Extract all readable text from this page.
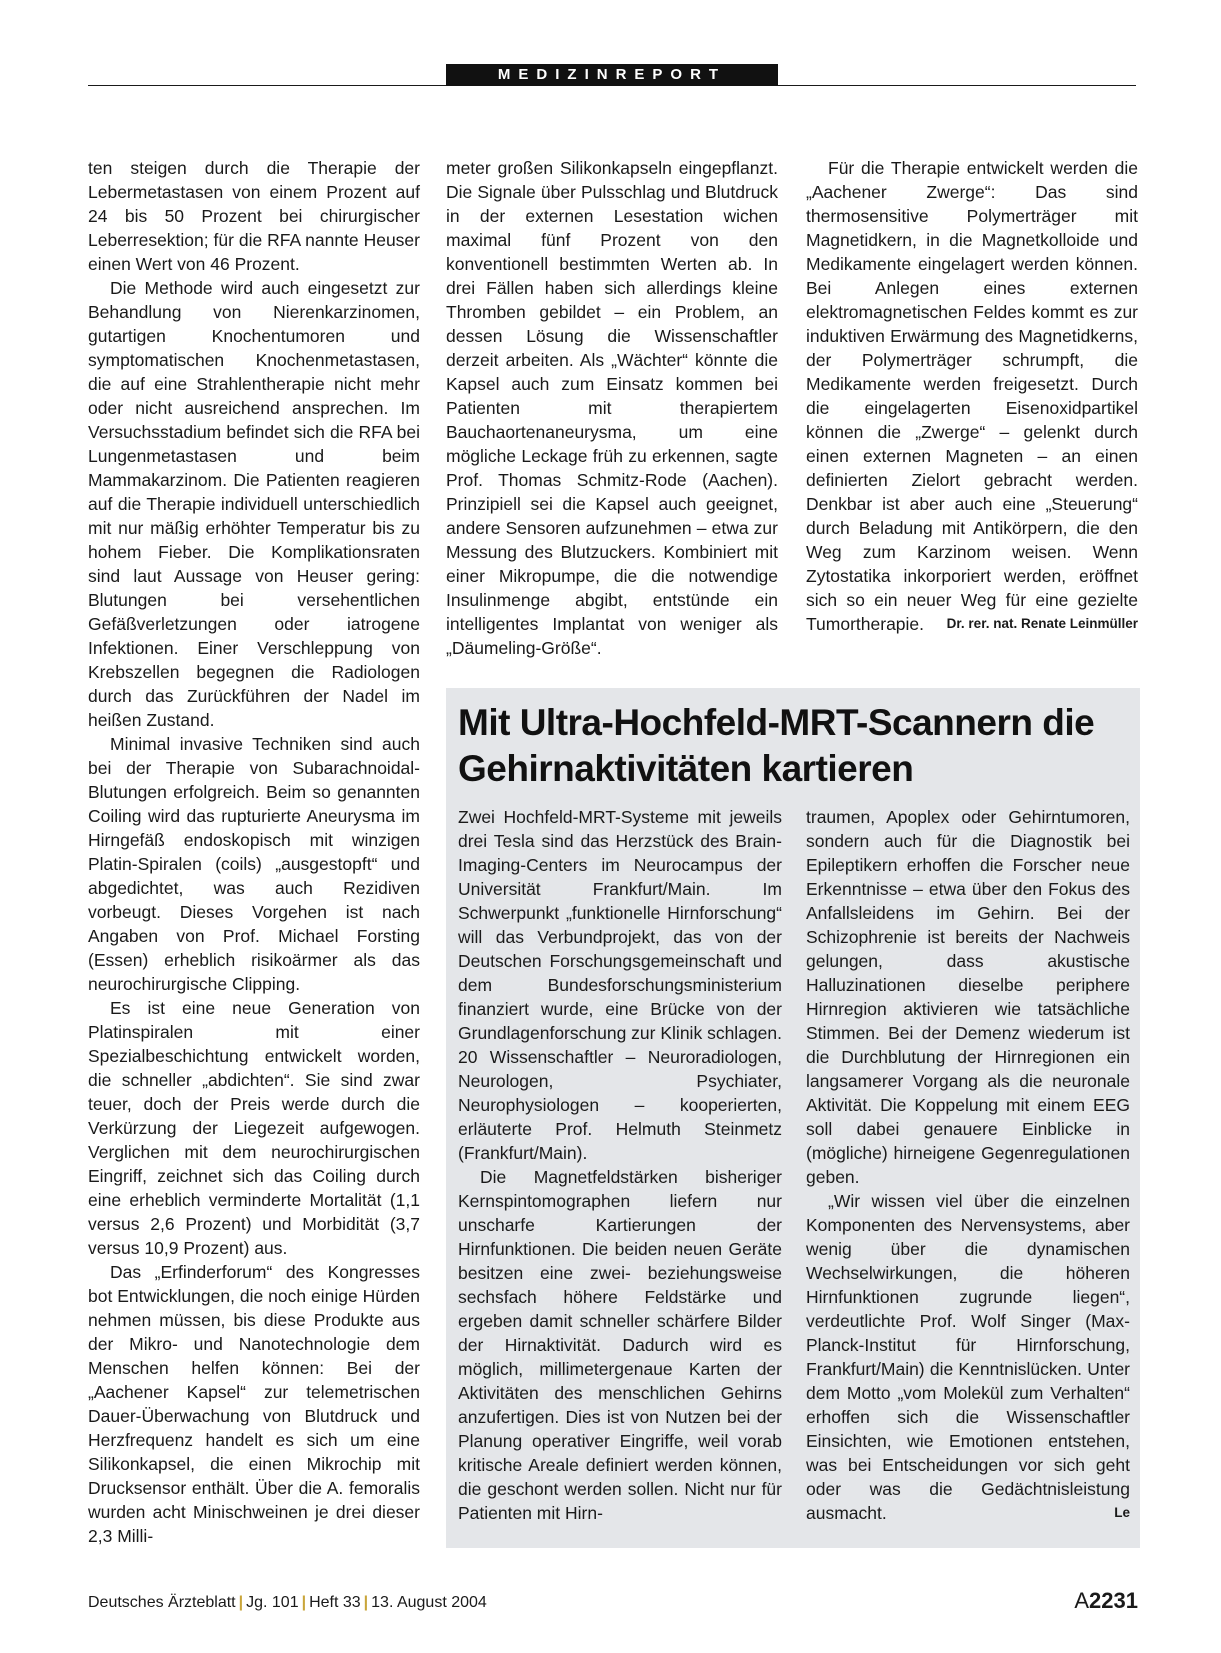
MEDIZINREPORT

ten steigen durch die Therapie der Lebermetastasen von einem Prozent auf 24 bis 50 Prozent bei chirurgischer Leberresektion; für die RFA nannte Heuser einen Wert von 46 Prozent.

Die Methode wird auch eingesetzt zur Behandlung von Nierenkarzinomen, gutartigen Knochentumoren und symptomatischen Knochenmetastasen, die auf eine Strahlentherapie nicht mehr oder nicht ausreichend ansprechen. Im Versuchsstadium befindet sich die RFA bei Lungenmetastasen und beim Mammakarzinom. Die Patienten reagieren auf die Therapie individuell unterschiedlich mit nur mäßig erhöhter Temperatur bis zu hohem Fieber. Die Komplikationsraten sind laut Aussage von Heuser gering: Blutungen bei versehentlichen Gefäßverletzungen oder iatrogene Infektionen. Einer Verschleppung von Krebszellen begegnen die Radiologen durch das Zurückführen der Nadel im heißen Zustand.

Minimal invasive Techniken sind auch bei der Therapie von Subarachnoidal-Blutungen erfolgreich. Beim so genannten Coiling wird das rupturierte Aneurysma im Hirngefäß endoskopisch mit winzigen Platin-Spiralen (coils) „ausgestopft“ und abgedichtet, was auch Rezidiven vorbeugt. Dieses Vorgehen ist nach Angaben von Prof. Michael Forsting (Essen) erheblich risikoärmer als das neurochirurgische Clipping.

Es ist eine neue Generation von Platinspiralen mit einer Spezialbeschichtung entwickelt worden, die schneller „abdichten“. Sie sind zwar teuer, doch der Preis werde durch die Verkürzung der Liegezeit aufgewogen. Verglichen mit dem neurochirurgischen Eingriff, zeichnet sich das Coiling durch eine erheblich verminderte Mortalität (1,1 versus 2,6 Prozent) und Morbidität (3,7 versus 10,9 Prozent) aus.

Das „Erfinderforum“ des Kongresses bot Entwicklungen, die noch einige Hürden nehmen müssen, bis diese Produkte aus der Mikro- und Nanotechnologie dem Menschen helfen können: Bei der „Aachener Kapsel“ zur telemetrischen Dauer-Überwachung von Blutdruck und Herzfrequenz handelt es sich um eine Silikonkapsel, die einen Mikrochip mit Drucksensor enthält. Über die A. femoralis wurden acht Minischweinen je drei dieser 2,3 Milli-

meter großen Silikonkapseln eingepflanzt. Die Signale über Pulsschlag und Blutdruck in der externen Lesestation wichen maximal fünf Prozent von den konventionell bestimmten Werten ab. In drei Fällen haben sich allerdings kleine Thromben gebildet – ein Problem, an dessen Lösung die Wissenschaftler derzeit arbeiten. Als „Wächter“ könnte die Kapsel auch zum Einsatz kommen bei Patienten mit therapiertem Bauchaortenaneurysma, um eine mögliche Leckage früh zu erkennen, sagte Prof. Thomas Schmitz-Rode (Aachen). Prinzipiell sei die Kapsel auch geeignet, andere Sensoren aufzunehmen – etwa zur Messung des Blutzuckers. Kombiniert mit einer Mikropumpe, die die notwendige Insulinmenge abgibt, entstünde ein intelligentes Implantat von weniger als „Däumeling-Größe“.

Für die Therapie entwickelt werden die „Aachener Zwerge“: Das sind thermosensitive Polymerträger mit Magnetidkern, in die Magnetkolloide und Medikamente eingelagert werden können. Bei Anlegen eines externen elektromagnetischen Feldes kommt es zur induktiven Erwärmung des Magnetidkerns, der Polymerträger schrumpft, die Medikamente werden freigesetzt. Durch die eingelagerten Eisenoxidpartikel können die „Zwerge“ – gelenkt durch einen externen Magneten – an einen definierten Zielort gebracht werden. Denkbar ist aber auch eine „Steuerung“ durch Beladung mit Antikörpern, die den Weg zum Karzinom weisen. Wenn Zytostatika inkorporiert werden, eröffnet sich so ein neuer Weg für eine gezielte Tumortherapie.	Dr. rer. nat. Renate Leinmüller

Mit Ultra-Hochfeld-MRT-Scannern die Gehirnaktivitäten kartieren

Zwei Hochfeld-MRT-Systeme mit jeweils drei Tesla sind das Herzstück des Brain-Imaging-Centers im Neurocampus der Universität Frankfurt/Main. Im Schwerpunkt „funktionelle Hirnforschung“ will das Verbundprojekt, das von der Deutschen Forschungsgemeinschaft und dem Bundesforschungsministerium finanziert wurde, eine Brücke von der Grundlagenforschung zur Klinik schlagen. 20 Wissenschaftler – Neuroradiologen, Neurologen, Psychiater, Neurophysiologen – kooperierten, erläuterte Prof. Helmuth Steinmetz (Frankfurt/Main).

Die Magnetfeldstärken bisheriger Kernspintomographen liefern nur unscharfe Kartierungen der Hirnfunktionen. Die beiden neuen Geräte besitzen eine zwei- beziehungsweise sechsfach höhere Feldstärke und ergeben damit schneller schärfere Bilder der Hirnaktivität. Dadurch wird es möglich, millimetergenaue Karten der Aktivitäten des menschlichen Gehirns anzufertigen. Dies ist von Nutzen bei der Planung operativer Eingriffe, weil vorab kritische Areale definiert werden können, die geschont werden sollen. Nicht nur für Patienten mit Hirn-

traumen, Apoplex oder Gehirntumoren, sondern auch für die Diagnostik bei Epileptikern erhoffen die Forscher neue Erkenntnisse – etwa über den Fokus des Anfallsleidens im Gehirn. Bei der Schizophrenie ist bereits der Nachweis gelungen, dass akustische Halluzinationen dieselbe periphere Hirnregion aktivieren wie tatsächliche Stimmen. Bei der Demenz wiederum ist die Durchblutung der Hirnregionen ein langsamerer Vorgang als die neuronale Aktivität. Die Koppelung mit einem EEG soll dabei genauere Einblicke in (mögliche) hirneigene Gegenregulationen geben.

„Wir wissen viel über die einzelnen Komponenten des Nervensystems, aber wenig über die dynamischen Wechselwirkungen, die höheren Hirnfunktionen zugrunde liegen“, verdeutlichte Prof. Wolf Singer (Max-Planck-Institut für Hirnforschung, Frankfurt/Main) die Kenntnislücken. Unter dem Motto „vom Molekül zum Verhalten“ erhoffen sich die Wissenschaftler Einsichten, wie Emotionen entstehen, was bei Entscheidungen vor sich geht oder was die Gedächtnisleistung ausmacht.	Le

Deutsches Ärzteblatt | Jg. 101 | Heft 33 | 13. August 2004	A2231
